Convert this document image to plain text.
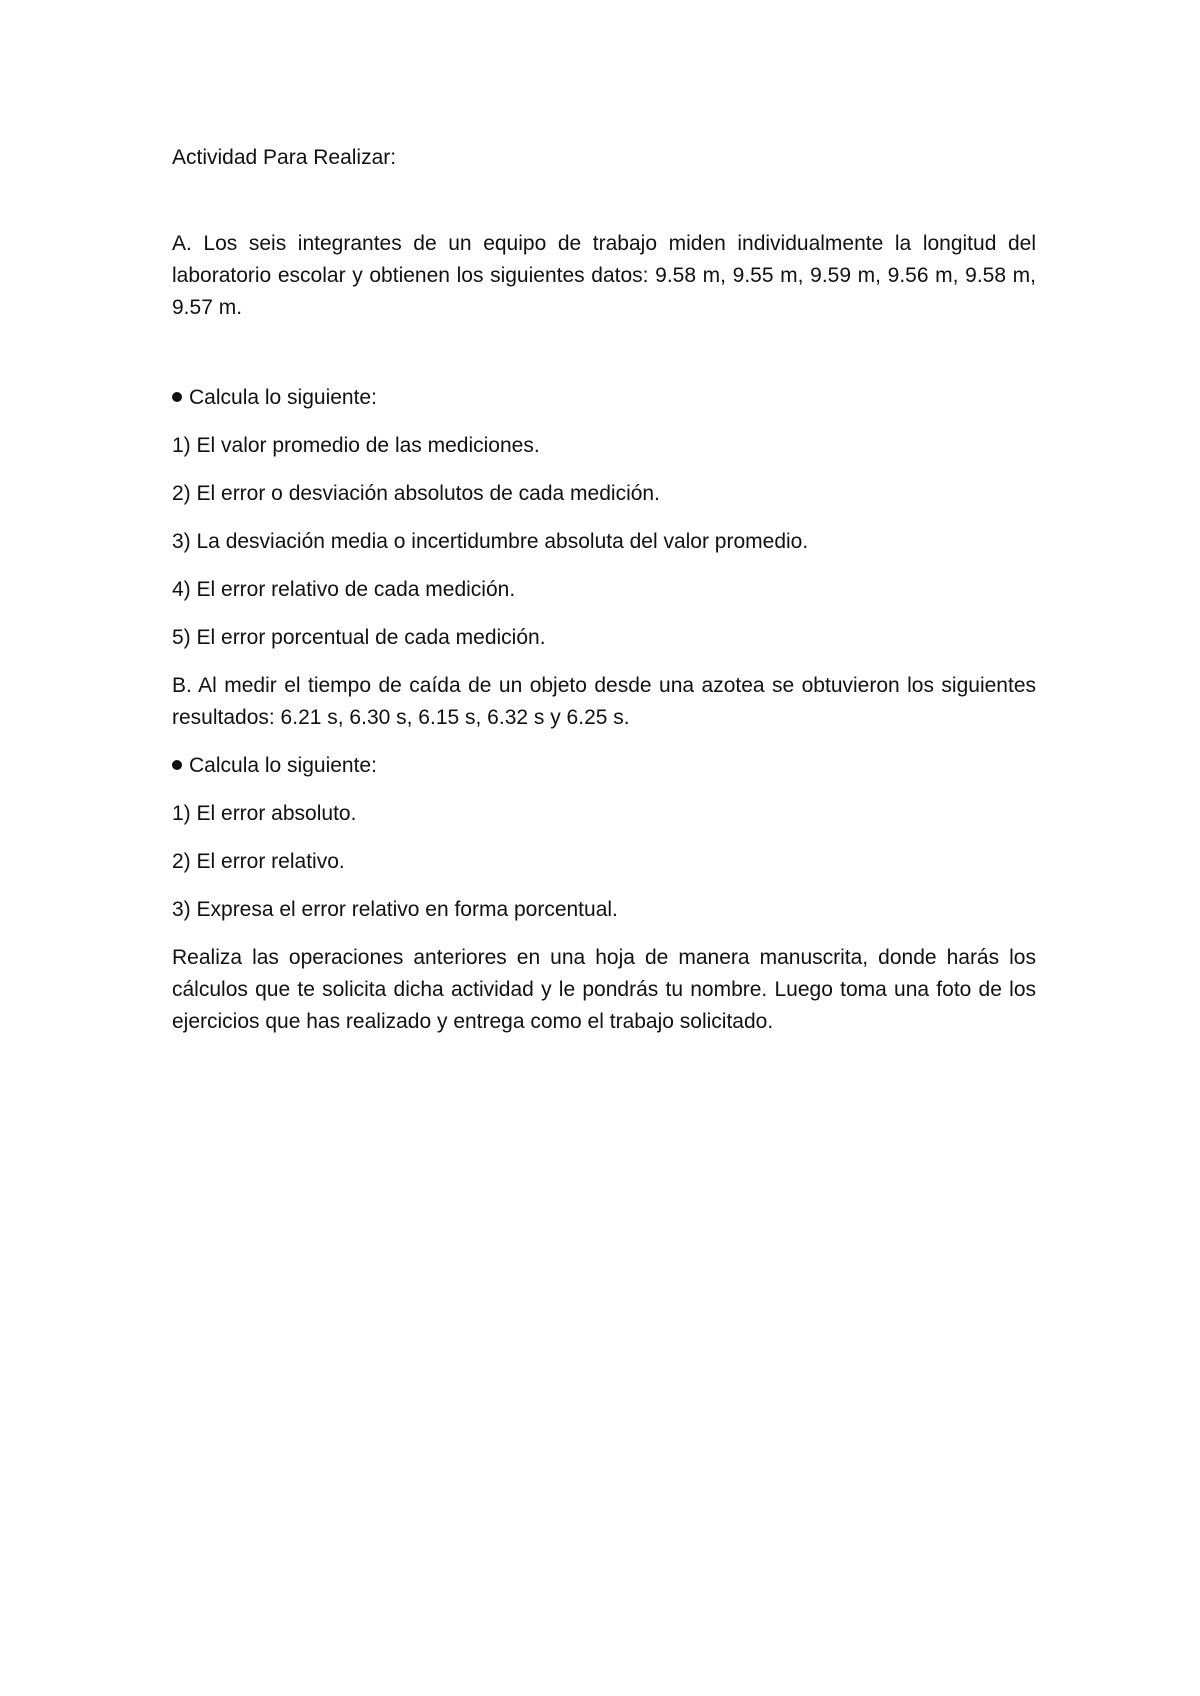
Actividad Para Realizar:

A. Los seis integrantes de un equipo de trabajo miden individualmente la longitud del laboratorio escolar y obtienen los siguientes datos: 9.58 m, 9.55 m, 9.59 m, 9.56 m, 9.58 m, 9.57 m.

Calcula lo siguiente:

1) El valor promedio de las mediciones.

2) El error o desviación absolutos de cada medición.

3) La desviación media o incertidumbre absoluta del valor promedio.

4) El error relativo de cada medición.

5) El error porcentual de cada medición.

B. Al medir el tiempo de caída de un objeto desde una azotea se obtuvieron los siguientes resultados: 6.21 s, 6.30 s, 6.15 s, 6.32 s y 6.25 s.

Calcula lo siguiente:

1) El error absoluto.

2) El error relativo.

3) Expresa el error relativo en forma porcentual.

Realiza las operaciones anteriores en una hoja de manera manuscrita, donde harás los cálculos que te solicita dicha actividad y le pondrás tu nombre. Luego toma una foto de los ejercicios que has realizado y entrega como el trabajo solicitado.
